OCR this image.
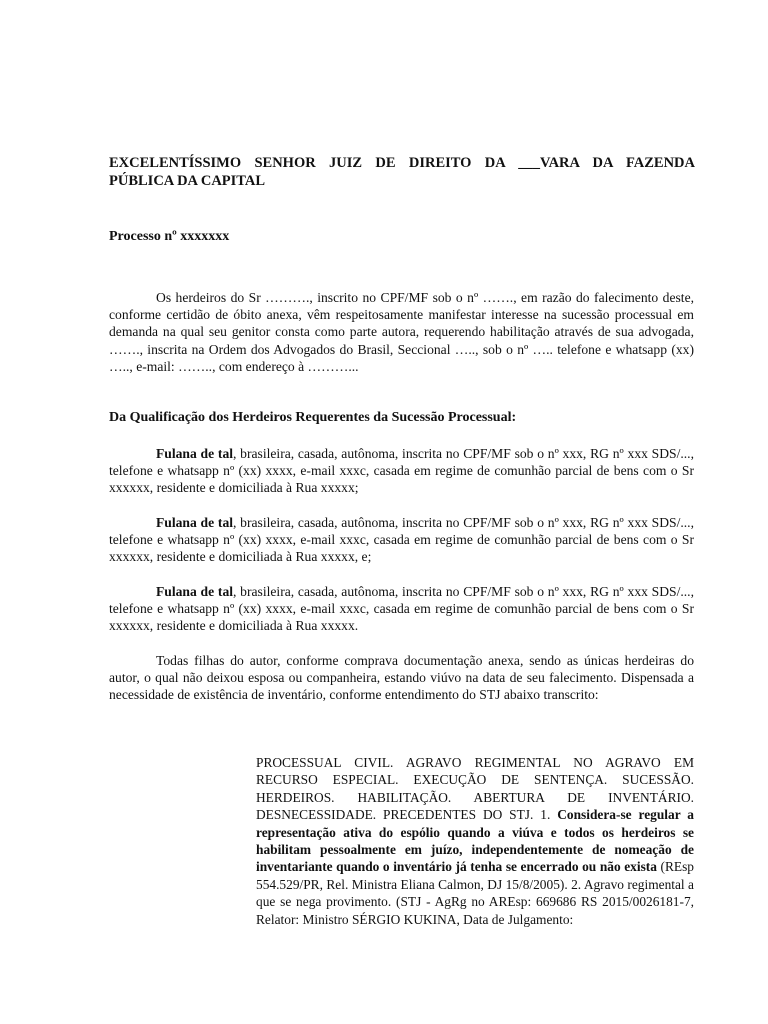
EXCELENTÍSSIMO SENHOR JUIZ DE DIREITO DA ___VARA DA FAZENDA
PÚBLICA DA CAPITAL

Processo nº xxxxxxx

Os herdeiros do Sr ………., inscrito no CPF/MF sob o nº ……., em razão do falecimento deste, conforme certidão de óbito anexa, vêm respeitosamente manifestar interesse na sucessão processual em demanda na qual seu genitor consta como parte autora, requerendo habilitação através de sua advogada, ……., inscrita na Ordem dos Advogados do Brasil, Seccional ….., sob o nº ….. telefone e whatsapp (xx) ….., e-mail: …….., com endereço à ………...

Da Qualificação dos Herdeiros Requerentes da Sucessão Processual:

Fulana de tal, brasileira, casada, autônoma, inscrita no CPF/MF sob o nº xxx, RG nº xxx SDS/..., telefone e whatsapp nº (xx) xxxx, e-mail xxxc, casada em regime de comunhão parcial de bens com o Sr xxxxxx, residente e domiciliada à Rua xxxxx;

Fulana de tal, brasileira, casada, autônoma, inscrita no CPF/MF sob o nº xxx, RG nº xxx SDS/..., telefone e whatsapp nº (xx) xxxx, e-mail xxxc, casada em regime de comunhão parcial de bens com o Sr xxxxxx, residente e domiciliada à Rua xxxxx, e;

Fulana de tal, brasileira, casada, autônoma, inscrita no CPF/MF sob o nº xxx, RG nº xxx SDS/..., telefone e whatsapp nº (xx) xxxx, e-mail xxxc, casada em regime de comunhão parcial de bens com o Sr xxxxxx, residente e domiciliada à Rua xxxxx.

Todas filhas do autor, conforme comprava documentação anexa, sendo as únicas herdeiras do autor, o qual não deixou esposa ou companheira, estando viúvo na data de seu falecimento. Dispensada a necessidade de existência de inventário, conforme entendimento do STJ abaixo transcrito:

PROCESSUAL CIVIL. AGRAVO REGIMENTAL NO AGRAVO EM RECURSO ESPECIAL. EXECUÇÃO DE SENTENÇA. SUCESSÃO. HERDEIROS. HABILITAÇÃO. ABERTURA DE INVENTÁRIO. DESNECESSIDADE. PRECEDENTES DO STJ. 1. Considera-se regular a representação ativa do espólio quando a viúva e todos os herdeiros se habilitam pessoalmente em juízo, independentemente de nomeação de inventariante quando o inventário já tenha se encerrado ou não exista (REsp 554.529/PR, Rel. Ministra Eliana Calmon, DJ 15/8/2005). 2. Agravo regimental a que se nega provimento. (STJ - AgRg no AREsp: 669686 RS 2015/0026181-7, Relator: Ministro SÉRGIO KUKINA, Data de Julgamento:
